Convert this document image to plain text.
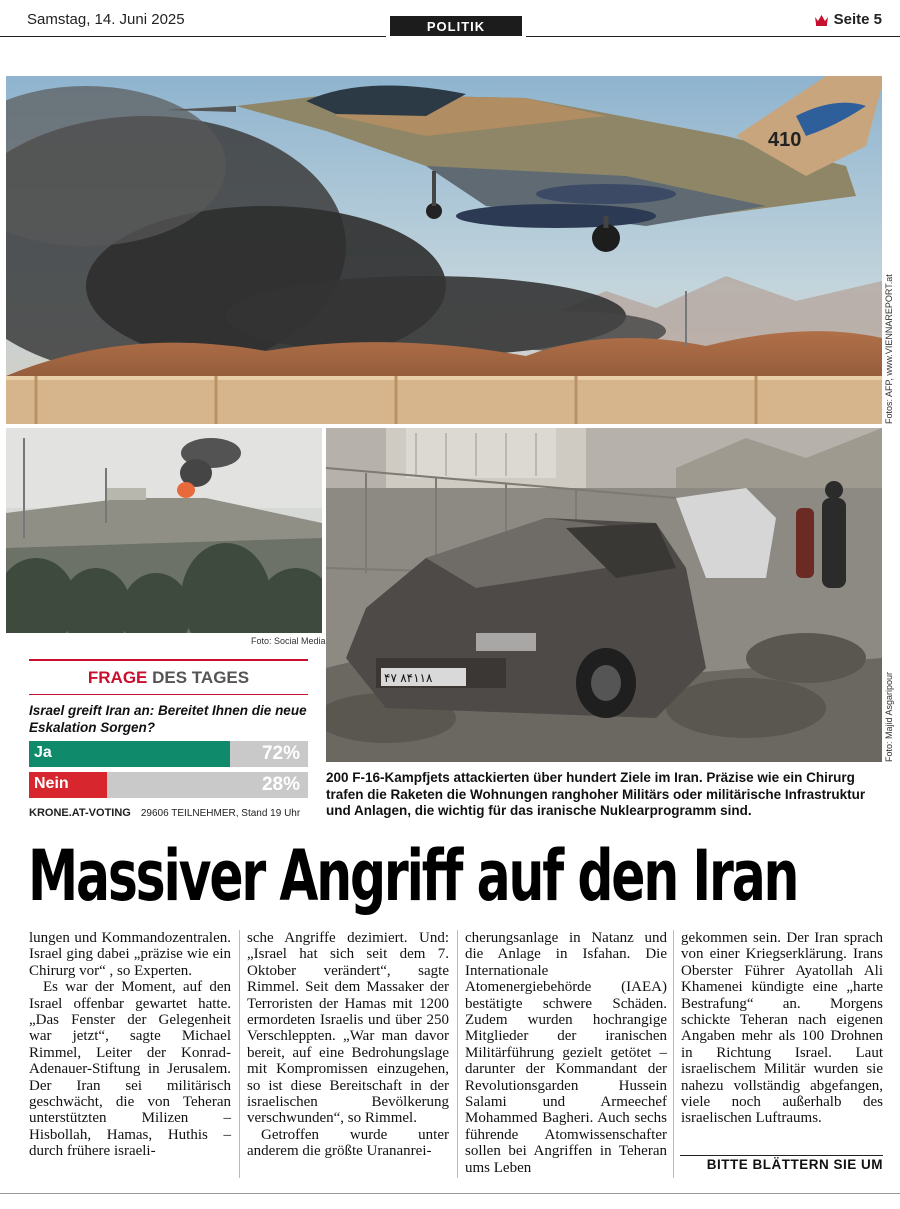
Samstag, 14. Juni 2025	POLITIK	Seite 5
410
Fotos: AFP, www.VIENNAREPORT.at
Foto: Social Media
۴۷ ۸۴۱۱۸	Foto: Majid Asgaripour
FRAGE DES TAGES
Israel greift Iran an: Bereitet Ihnen die neue Eskalation Sorgen?
Ja	72%
Nein	28%
KRONE.AT-VOTING 29606 TEILNEHMER, Stand 19 Uhr
200 F-16-Kampfjets attackierten über hundert Ziele im Iran. Präzise wie ein Chirurg trafen die Raketen die Wohnungen ranghoher Militärs oder militärische Infrastruktur und Anlagen, die wichtig für das iranische Nuklearprogramm sind.
Massiver Angriff auf den Iran

lungen und Kommandozentralen. Israel ging dabei „präzise wie ein Chirurg vor“ , so Experten.

Es war der Moment, auf den Israel offenbar gewartet hatte. „Das Fenster der Gelegenheit war jetzt“, sagte Michael Rimmel, Leiter der Konrad-Adenauer-Stiftung in Jerusalem. Der Iran sei militärisch geschwächt, die von Teheran unterstützten Milizen – Hisbollah, Hamas, Huthis – durch frühere israeli-

sche Angriffe dezimiert. Und: „Israel hat sich seit dem 7. Oktober verändert“, sagte Rimmel. Seit dem Massaker der Terroristen der Hamas mit 1200 ermordeten Israelis und über 250 Verschleppten. „War man davor bereit, auf eine Bedrohungslage mit Kompromissen einzugehen, so ist diese Bereitschaft in der israelischen Bevölkerung verschwunden“, so Rimmel.

Getroffen wurde unter anderem die größte Urananrei-

cherungsanlage in Natanz und die Anlage in Isfahan. Die Internationale Atomenergiebehörde (IAEA) bestätigte schwere Schäden. Zudem wurden hochrangige Mitglieder der iranischen Militärführung gezielt getötet – darunter der Kommandant der Revolutionsgarden Hussein Salami und Armeechef Mohammed Bagheri. Auch sechs führende Atomwissenschafter sollen bei Angriffen in Teheran ums Leben

gekommen sein. Der Iran sprach von einer Kriegserklärung. Irans Oberster Führer Ayatollah Ali Khamenei kündigte eine „harte Bestrafung“ an. Morgens schickte Teheran nach eigenen Angaben mehr als 100 Drohnen in Richtung Israel. Laut israelischem Militär wurden sie nahezu vollständig abgefangen, viele noch außerhalb des israelischen Luftraums.

BITTE BLÄTTERN SIE UM
